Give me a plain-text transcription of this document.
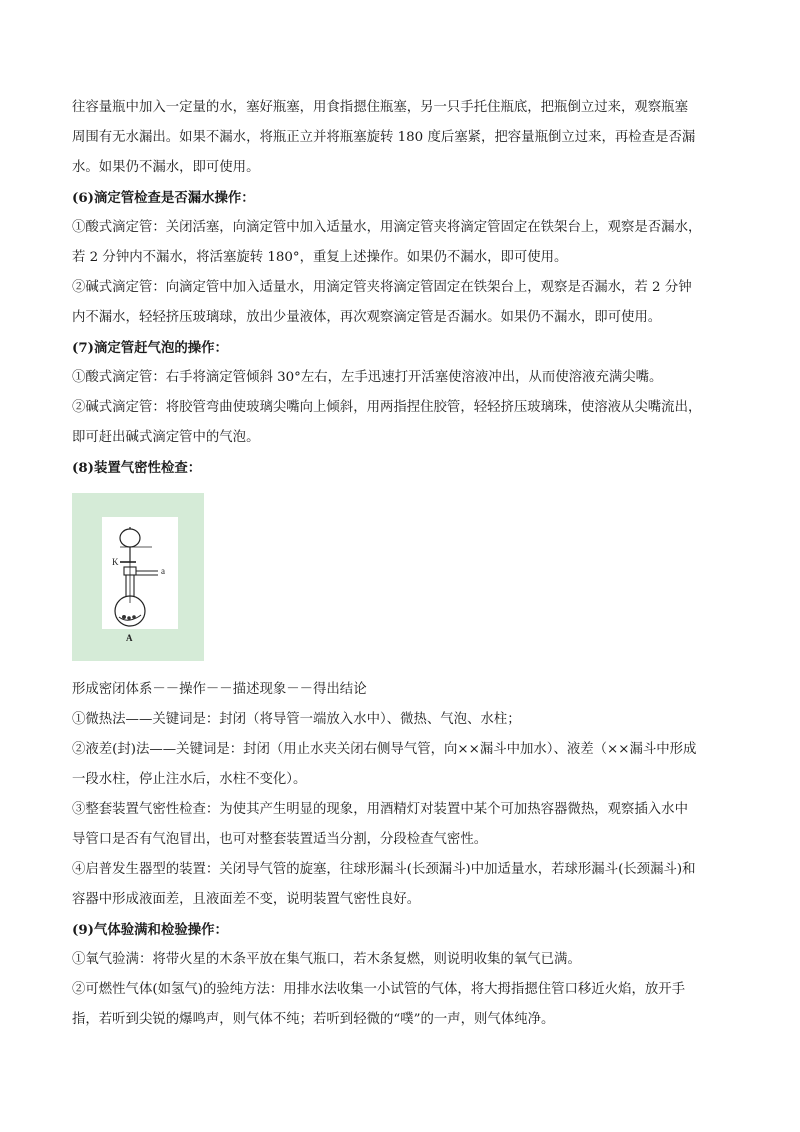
往容量瓶中加入一定量的水，塞好瓶塞，用食指摁住瓶塞，另一只手托住瓶底，把瓶倒立过来，观察瓶塞

周围有无水漏出。如果不漏水，将瓶正立并将瓶塞旋转 180 度后塞紧，把容量瓶倒立过来，再检查是否漏

水。如果仍不漏水，即可使用。

(6)滴定管检查是否漏水操作：

①酸式滴定管：关闭活塞，向滴定管中加入适量水，用滴定管夹将滴定管固定在铁架台上，观察是否漏水，

若 2 分钟内不漏水，将活塞旋转 180°，重复上述操作。如果仍不漏水，即可使用。

②碱式滴定管：向滴定管中加入适量水，用滴定管夹将滴定管固定在铁架台上，观察是否漏水，若 2 分钟

内不漏水，轻轻挤压玻璃球，放出少量液体，再次观察滴定管是否漏水。如果仍不漏水，即可使用。

(7)滴定管赶气泡的操作：

①酸式滴定管：右手将滴定管倾斜 30°左右，左手迅速打开活塞使溶液冲出，从而使溶液充满尖嘴。

②碱式滴定管：将胶管弯曲使玻璃尖嘴向上倾斜，用两指捏住胶管，轻轻挤压玻璃珠，使溶液从尖嘴流出，

即可赶出碱式滴定管中的气泡。

(8)装置气密性检查：

K
a
A

形成密闭体系－－操作－－描述现象－－得出结论

①微热法——关键词是：封闭（将导管一端放入水中）、微热、气泡、水柱；

②液差(封)法——关键词是：封闭（用止水夹关闭右侧导气管，向××漏斗中加水）、液差（××漏斗中形成

一段水柱，停止注水后，水柱不变化）。

③整套装置气密性检查：为使其产生明显的现象，用酒精灯对装置中某个可加热容器微热，观察插入水中

导管口是否有气泡冒出，也可对整套装置适当分割，分段检查气密性。

④启普发生器型的装置：关闭导气管的旋塞，往球形漏斗(长颈漏斗)中加适量水，若球形漏斗(长颈漏斗)和

容器中形成液面差，且液面差不变，说明装置气密性良好。

(9)气体验满和检验操作：

①氧气验满：将带火星的木条平放在集气瓶口，若木条复燃，则说明收集的氧气已满。

②可燃性气体(如氢气)的验纯方法：用排水法收集一小试管的气体，将大拇指摁住管口移近火焰，放开手

指，若听到尖锐的爆鸣声，则气体不纯；若听到轻微的“噗”的一声，则气体纯净。
